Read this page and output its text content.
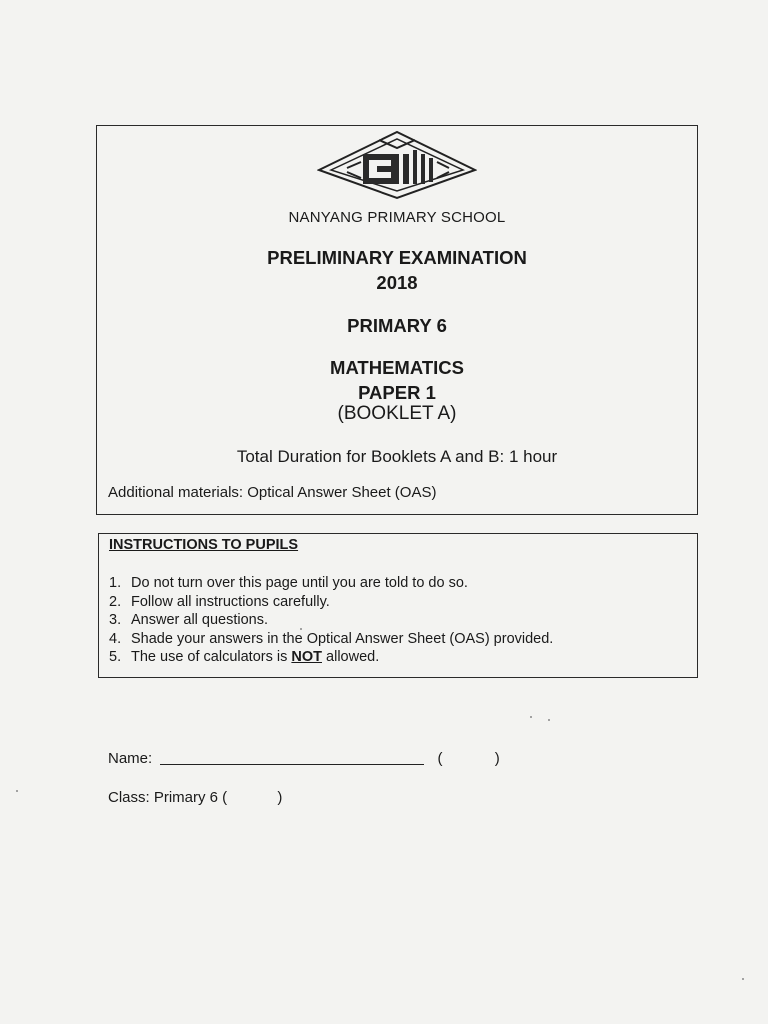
NANYANG PRIMARY SCHOOL
PRELIMINARY EXAMINATION
2018
PRIMARY 6
MATHEMATICS
PAPER 1
(BOOKLET A)
Total Duration for Booklets A and B: 1 hour
Additional materials: Optical Answer Sheet (OAS)
INSTRUCTIONS TO PUPILS
1. Do not turn over this page until you are told to do so.
2. Follow all instructions carefully.
3. Answer all questions.
4. Shade your answers in the Optical Answer Sheet (OAS) provided.
5. The use of calculators is NOT allowed.
Name:	(	)
Class: Primary 6 (	)
